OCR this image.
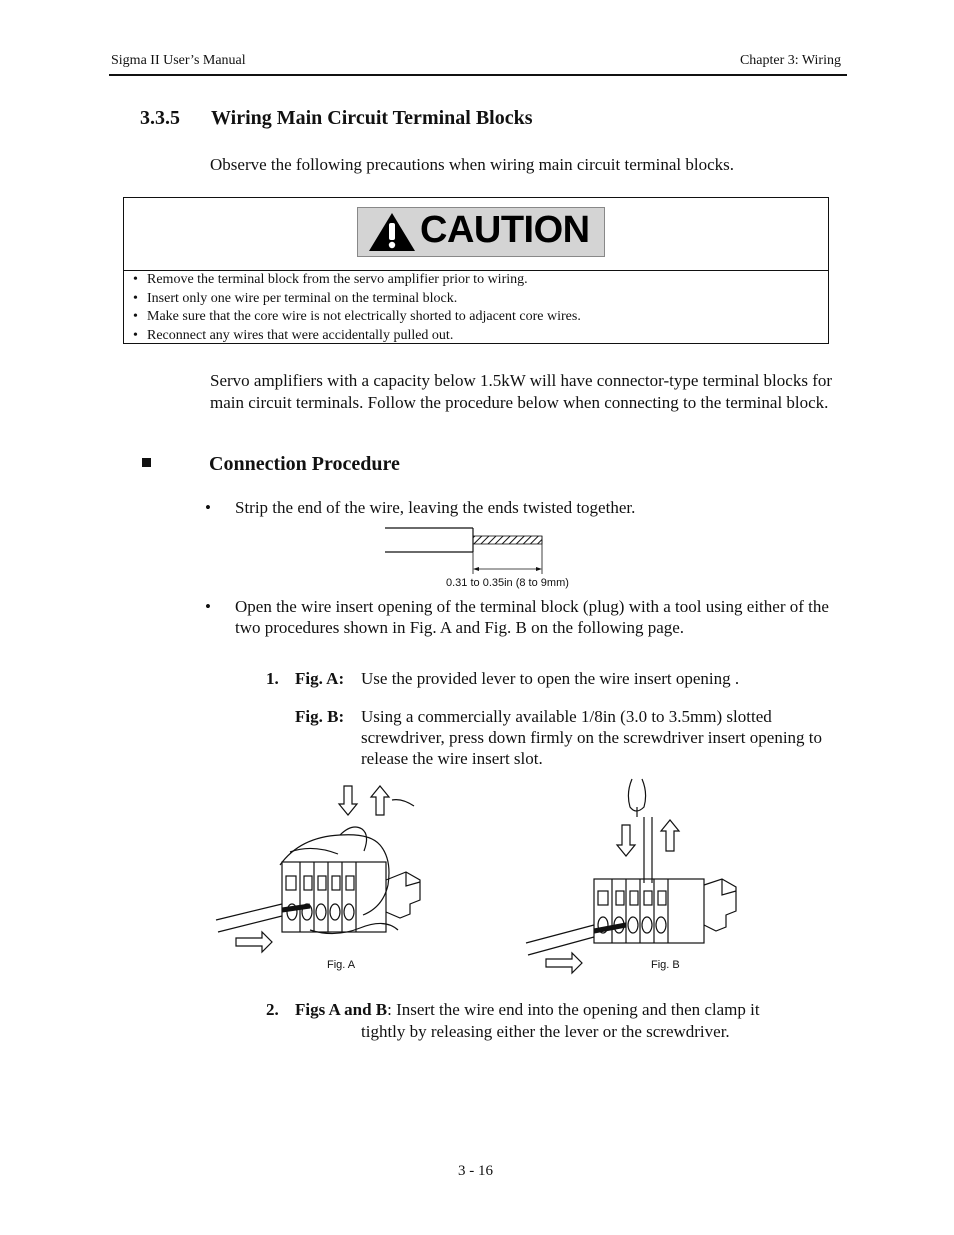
Sigma II User’s Manual	Chapter 3: Wiring
3.3.5 Wiring Main Circuit Terminal Blocks
Observe the following precautions when wiring main circuit terminal blocks.
CAUTION
• Remove the terminal block from the servo amplifier prior to wiring.
• Insert only one wire per terminal on the terminal block.
• Make sure that the core wire is not electrically shorted to adjacent core wires.
• Reconnect any wires that were accidentally pulled out.
Servo amplifiers with a capacity below 1.5kW will have connector-type terminal blocks for main circuit terminals. Follow the procedure below when connecting to the terminal block.
Connection Procedure
• Strip the end of the wire, leaving the ends twisted together.
0.31 to 0.35in (8 to 9mm)
• Open the wire insert opening of the terminal block (plug) with a tool using either of the two procedures shown in Fig. A and Fig. B on the following page.
1. Fig. A: Use the provided lever to open the wire insert opening .
Fig. B: Using a commercially available 1/8in (3.0 to 3.5mm) slotted screwdriver, press down firmly on the screwdriver insert opening to release the wire insert slot.
Fig. A	Fig. B
2. Figs A and B: Insert the wire end into the opening and then clamp it
tightly by releasing either the lever or the screwdriver.
3 - 16
